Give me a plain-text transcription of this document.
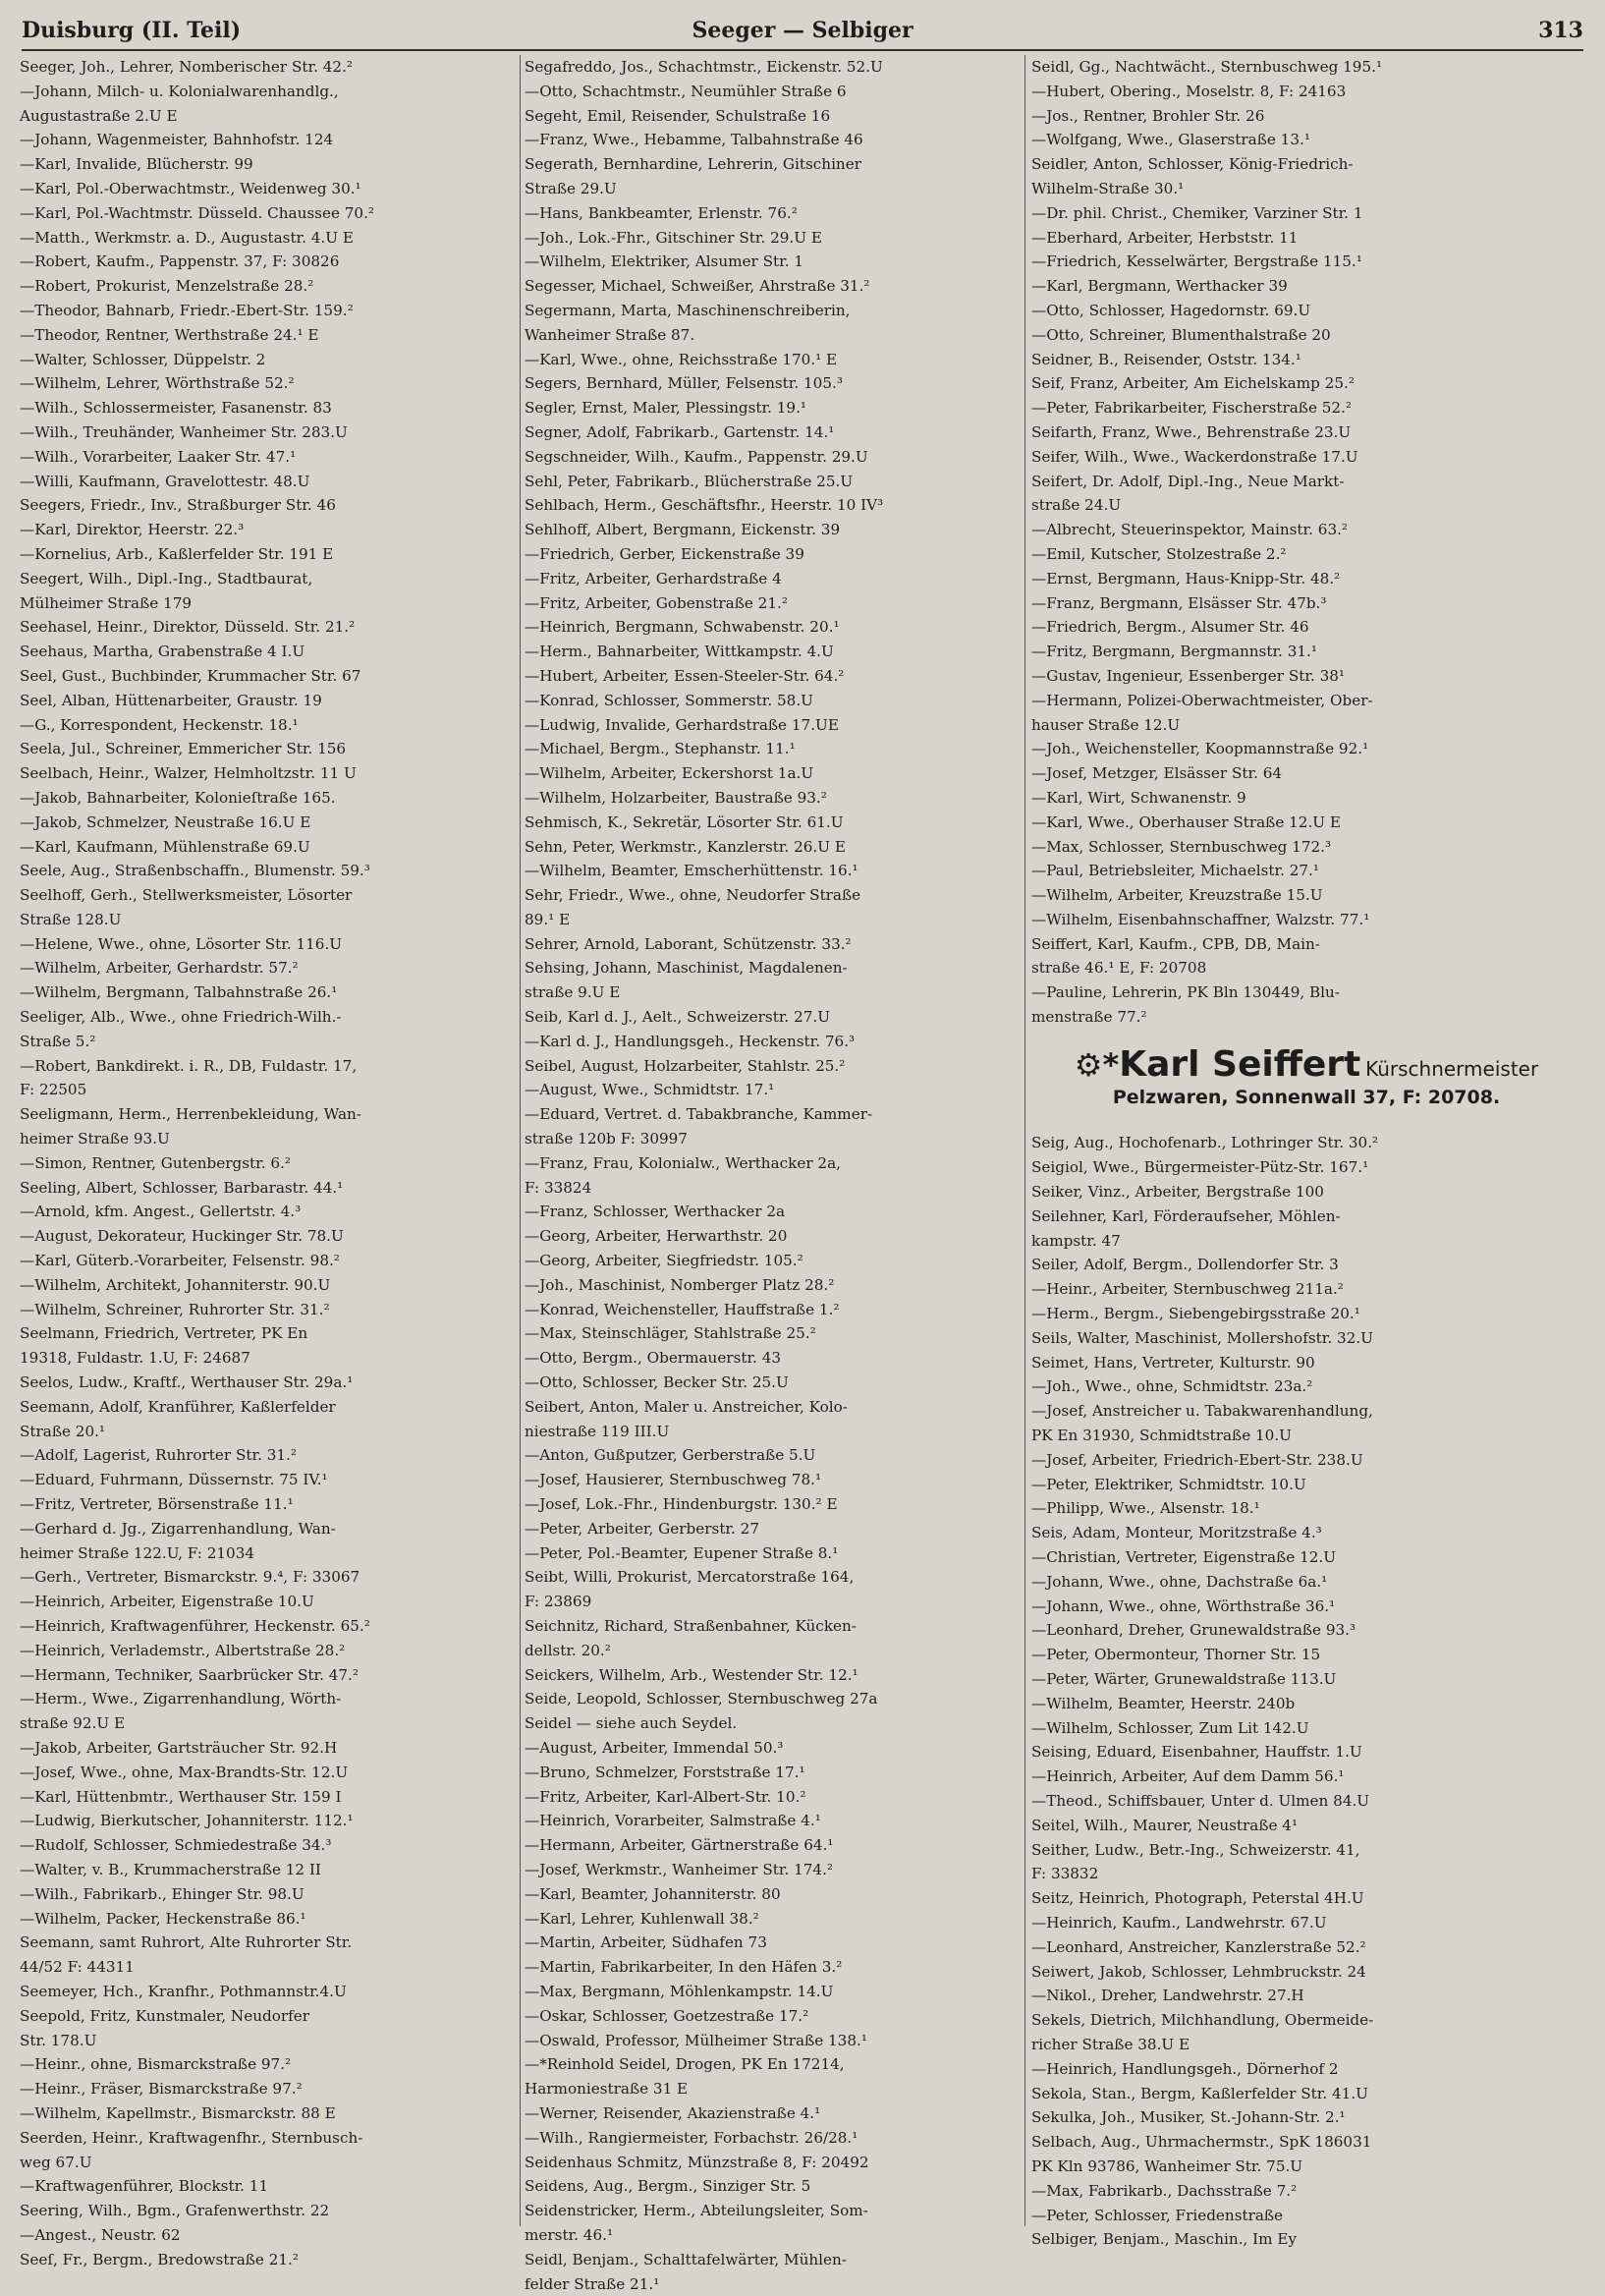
Duisburg (II. Teil)	Seeger — Selbiger	313
Seeger, Joh., Lehrer, Nomberischer Str. 42.²
—Johann, Milch- u. Kolonialwarenhandlg.,
Augustastraße 2.U E
—Johann, Wagenmeister, Bahnhofstr. 124
—Karl, Invalide, Blücherstr. 99
—Karl, Pol.-Oberwachtmstr., Weidenweg 30.¹
—Karl, Pol.-Wachtmstr. Düsseld. Chaussee 70.²
—Matth., Werkmstr. a. D., Augustastr. 4.U E
—Robert, Kaufm., Pappenstr. 37, F: 30826
—Robert, Prokurist, Menzelstraße 28.²
—Theodor, Bahnarb, Friedr.-Ebert-Str. 159.²
—Theodor, Rentner, Werthstraße 24.¹ E
—Walter, Schlosser, Düppelstr. 2
—Wilhelm, Lehrer, Wörthstraße 52.²
—Wilh., Schlossermeister, Fasanenstr. 83
—Wilh., Treuhänder, Wanheimer Str. 283.U
—Wilh., Vorarbeiter, Laaker Str. 47.¹
—Willi, Kaufmann, Gravelottestr. 48.U
Seegers, Friedr., Inv., Straßburger Str. 46
—Karl, Direktor, Heerstr. 22.³
—Kornelius, Arb., Kaßlerfelder Str. 191 E
Seegert, Wilh., Dipl.-Ing., Stadtbaurat,
Mülheimer Straße 179
Seehasel, Heinr., Direktor, Düsseld. Str. 21.²
Seehaus, Martha, Grabenstraße 4 I.U
Seel, Gust., Buchbinder, Krummacher Str. 67
Seel, Alban, Hüttenarbeiter, Graustr. 19
—G., Korrespondent, Heckenstr. 18.¹
Seela, Jul., Schreiner, Emmericher Str. 156
Seelbach, Heinr., Walzer, Helmholtzstr. 11 U
—Jakob, Bahnarbeiter, Kolonieſtraße 165.
—Jakob, Schmelzer, Neustraße 16.U E
—Karl, Kaufmann, Mühlenstraße 69.U
Seele, Aug., Straßenbschaffn., Blumenstr. 59.³
Seelhoff, Gerh., Stellwerksmeister, Lösorter
Straße 128.U
—Helene, Wwe., ohne, Lösorter Str. 116.U
—Wilhelm, Arbeiter, Gerhardstr. 57.²
—Wilhelm, Bergmann, Talbahnstraße 26.¹
Seeliger, Alb., Wwe., ohne Friedrich-Wilh.-
Straße 5.²
—Robert, Bankdirekt. i. R., DB, Fuldastr. 17,
F: 22505
Seeligmann, Herm., Herrenbekleidung, Wan-
heimer Straße 93.U
—Simon, Rentner, Gutenbergstr. 6.²
Seeling, Albert, Schlosser, Barbarastr. 44.¹
—Arnold, kfm. Angest., Gellertstr. 4.³
—August, Dekorateur, Huckinger Str. 78.U
—Karl, Güterb.-Vorarbeiter, Felsenstr. 98.²
—Wilhelm, Architekt, Johanniterstr. 90.U
—Wilhelm, Schreiner, Ruhrorter Str. 31.²
Seelmann, Friedrich, Vertreter, PK En
19318, Fuldastr. 1.U, F: 24687
Seelos, Ludw., Kraftf., Werthauser Str. 29a.¹
Seemann, Adolf, Kranführer, Kaßlerfelder
Straße 20.¹
—Adolf, Lagerist, Ruhrorter Str. 31.²
—Eduard, Fuhrmann, Düssernstr. 75 IV.¹
—Fritz, Vertreter, Börsenstraße 11.¹
—Gerhard d. Jg., Zigarrenhandlung, Wan-
heimer Straße 122.U, F: 21034
—Gerh., Vertreter, Bismarckstr. 9.⁴, F: 33067
—Heinrich, Arbeiter, Eigenstraße 10.U
—Heinrich, Kraftwagenführer, Heckenstr. 65.²
—Heinrich, Verlademstr., Albertstraße 28.²
—Hermann, Techniker, Saarbrücker Str. 47.²
—Herm., Wwe., Zigarrenhandlung, Wörth-
straße 92.U E
—Jakob, Arbeiter, Gartsträucher Str. 92.H
—Josef, Wwe., ohne, Max-Brandts-Str. 12.U
—Karl, Hüttenbmtr., Werthauser Str. 159 I
—Ludwig, Bierkutscher, Johanniterstr. 112.¹
—Rudolf, Schlosser, Schmiedestraße 34.³
—Walter, v. B., Krummacherstraße 12 II
—Wilh., Fabrikarb., Ehinger Str. 98.U
—Wilhelm, Packer, Heckenstraße 86.¹
Seemann, samt Ruhrort, Alte Ruhrorter Str.
44/52 F: 44311
Seemeyer, Hch., Kranfhr., Pothmannstr.4.U
Seepold, Fritz, Kunstmaler, Neudorfer
Str. 178.U
—Heinr., ohne, Bismarckstraße 97.²
—Heinr., Fräser, Bismarckstraße 97.²
—Wilhelm, Kapellmstr., Bismarckstr. 88 E
Seerden, Heinr., Kraftwagenfhr., Sternbusch-
weg 67.U
—Kraftwagenführer, Blockstr. 11
Seering, Wilh., Bgm., Grafenwerthstr. 22
—Angest., Neustr. 62
Seeſ, Fr., Bergm., Bredowstraße 21.²
Segafreddo, Jos., Schachtmstr., Eickenstr. 52.U
—Otto, Schachtmstr., Neumühler Straße 6
Segeht, Emil, Reisender, Schulstraße 16
—Franz, Wwe., Hebamme, Talbahnstraße 46
Segerath, Bernhardine, Lehrerin, Gitschiner
Straße 29.U
—Hans, Bankbeamter, Erlenstr. 76.²
—Joh., Lok.-Fhr., Gitschiner Str. 29.U E
—Wilhelm, Elektriker, Alsumer Str. 1
Segesser, Michael, Schweißer, Ahrstraße 31.²
Segermann, Marta, Maschinenschreiberin,
Wanheimer Straße 87.
—Karl, Wwe., ohne, Reichsstraße 170.¹ E
Segers, Bernhard, Müller, Felsenstr. 105.³
Segler, Ernst, Maler, Plessingstr. 19.¹
Segner, Adolf, Fabrikarb., Gartenstr. 14.¹
Segschneider, Wilh., Kaufm., Pappenstr. 29.U
Sehl, Peter, Fabrikarb., Blücherstraße 25.U
Sehlbach, Herm., Geschäftsfhr., Heerstr. 10 IV³
Sehlhoff, Albert, Bergmann, Eickenstr. 39
—Friedrich, Gerber, Eickenstraße 39
—Fritz, Arbeiter, Gerhardstraße 4
—Fritz, Arbeiter, Gobenstraße 21.²
—Heinrich, Bergmann, Schwabenstr. 20.¹
—Herm., Bahnarbeiter, Wittkampstr. 4.U
—Hubert, Arbeiter, Essen-Steeler-Str. 64.²
—Konrad, Schlosser, Sommerstr. 58.U
—Ludwig, Invalide, Gerhardstraße 17.UE
—Michael, Bergm., Stephanstr. 11.¹
—Wilhelm, Arbeiter, Eckershorst 1a.U
—Wilhelm, Holzarbeiter, Baustraße 93.²
Sehmisch, K., Sekretär, Lösorter Str. 61.U
Sehn, Peter, Werkmstr., Kanzlerstr. 26.U E
—Wilhelm, Beamter, Emscherhüttenstr. 16.¹
Sehr, Friedr., Wwe., ohne, Neudorfer Straße
89.¹ E
Sehrer, Arnold, Laborant, Schützenstr. 33.²
Sehsing, Johann, Maschinist, Magdalenen-
straße 9.U E
Seib, Karl d. J., Aelt., Schweizerstr. 27.U
—Karl d. J., Handlungsgeh., Heckenstr. 76.³
Seibel, August, Holzarbeiter, Stahlstr. 25.²
—August, Wwe., Schmidtstr. 17.¹
—Eduard, Vertret. d. Tabakbranche, Kammer-
straße 120b F: 30997
—Franz, Frau, Kolonialw., Werthacker 2a,
F: 33824
—Franz, Schlosser, Werthacker 2a
—Georg, Arbeiter, Herwarthstr. 20
—Georg, Arbeiter, Siegfriedstr. 105.²
—Joh., Maschinist, Nomberger Platz 28.²
—Konrad, Weichensteller, Hauffstraße 1.²
—Max, Steinschläger, Stahlstraße 25.²
—Otto, Bergm., Obermauerstr. 43
—Otto, Schlosser, Becker Str. 25.U
Seibert, Anton, Maler u. Anstreicher, Kolo-
niestraße 119 III.U
—Anton, Gußputzer, Gerberstraße 5.U
—Josef, Hausierer, Sternbuschweg 78.¹
—Josef, Lok.-Fhr., Hindenburgstr. 130.² E
—Peter, Arbeiter, Gerberstr. 27
—Peter, Pol.-Beamter, Eupener Straße 8.¹
Seibt, Willi, Prokurist, Mercatorstraße 164,
F: 23869
Seichnitz, Richard, Straßenbahner, Kücken-
dellstr. 20.²
Seickers, Wilhelm, Arb., Westender Str. 12.¹
Seide, Leopold, Schlosser, Sternbuschweg 27a
Seidel — siehe auch Seydel.
—August, Arbeiter, Immendal 50.³
—Bruno, Schmelzer, Forststraße 17.¹
—Fritz, Arbeiter, Karl-Albert-Str. 10.²
—Heinrich, Vorarbeiter, Salmstraße 4.¹
—Hermann, Arbeiter, Gärtnerstraße 64.¹
—Josef, Werkmstr., Wanheimer Str. 174.²
—Karl, Beamter, Johanniterstr. 80
—Karl, Lehrer, Kuhlenwall 38.²
—Martin, Arbeiter, Südhafen 73
—Martin, Fabrikarbeiter, In den Häfen 3.²
—Max, Bergmann, Möhlenkampstr. 14.U
—Oskar, Schlosser, Goetzestraße 17.²
—Oswald, Professor, Mülheimer Straße 138.¹
—*Reinhold Seidel, Drogen, PK En 17214,
Harmoniestraße 31 E
—Werner, Reisender, Akazienstraße 4.¹
—Wilh., Rangiermeister, Forbachstr. 26/28.¹
Seidenhaus Schmitz, Münzstraße 8, F: 20492
Seidens, Aug., Bergm., Sinziger Str. 5
Seidenstricker, Herm., Abteilungsleiter, Som-
merstr. 46.¹
Seidl, Benjam., Schalttafelwärter, Mühlen-
felder Straße 21.¹
Seidl, Gg., Nachtwächt., Sternbuschweg 195.¹
—Hubert, Obering., Moselstr. 8, F: 24163
—Jos., Rentner, Brohler Str. 26
—Wolfgang, Wwe., Glaserstraße 13.¹
Seidler, Anton, Schlosser, König-Friedrich-
Wilhelm-Straße 30.¹
—Dr. phil. Christ., Chemiker, Varziner Str. 1
—Eberhard, Arbeiter, Herbststr. 11
—Friedrich, Kesselwärter, Bergstraße 115.¹
—Karl, Bergmann, Werthacker 39
—Otto, Schlosser, Hagedornstr. 69.U
—Otto, Schreiner, Blumenthalstraße 20
Seidner, B., Reisender, Oststr. 134.¹
Seif, Franz, Arbeiter, Am Eichelskamp 25.²
—Peter, Fabrikarbeiter, Fischerstraße 52.²
Seifarth, Franz, Wwe., Behrenstraße 23.U
Seifer, Wilh., Wwe., Wackerdonstraße 17.U
Seifert, Dr. Adolf, Dipl.-Ing., Neue Markt-
straße 24.U
—Albrecht, Steuerinspektor, Mainstr. 63.²
—Emil, Kutscher, Stolzestraße 2.²
—Ernst, Bergmann, Haus-Knipp-Str. 48.²
—Franz, Bergmann, Elsässer Str. 47b.³
—Friedrich, Bergm., Alsumer Str. 46
—Fritz, Bergmann, Bergmannstr. 31.¹
—Gustav, Ingenieur, Essenberger Str. 38¹
—Hermann, Polizei-Oberwachtmeister, Ober-
hauser Straße 12.U
—Joh., Weichensteller, Koopmannstraße 92.¹
—Josef, Metzger, Elsässer Str. 64
—Karl, Wirt, Schwanenstr. 9
—Karl, Wwe., Oberhauser Straße 12.U E
—Max, Schlosser, Sternbuschweg 172.³
—Paul, Betriebsleiter, Michaelstr. 27.¹
—Wilhelm, Arbeiter, Kreuzstraße 15.U
—Wilhelm, Eisenbahnschaffner, Walzstr. 77.¹
Seiffert, Karl, Kaufm., CPB, DB, Main-
straße 46.¹ E, F: 20708
—Pauline, Lehrerin, PK Bln 130449, Blu-
menstraße 77.²
⚙*Karl Seiffert Kürschnermeister
Pelzwaren, Sonnenwall 37, F: 20708.
Seig, Aug., Hochofenarb., Lothringer Str. 30.²
Seigiol, Wwe., Bürgermeister-Pütz-Str. 167.¹
Seiker, Vinz., Arbeiter, Bergstraße 100
Seilehner, Karl, Förderaufseher, Möhlen-
kampstr. 47
Seiler, Adolf, Bergm., Dollendorfer Str. 3
—Heinr., Arbeiter, Sternbuschweg 211a.²
—Herm., Bergm., Siebengebirgsstraße 20.¹
Seils, Walter, Maschinist, Mollershofstr. 32.U
Seimet, Hans, Vertreter, Kulturstr. 90
—Joh., Wwe., ohne, Schmidtstr. 23a.²
—Josef, Anstreicher u. Tabakwarenhandlung,
PK En 31930, Schmidtstraße 10.U
—Josef, Arbeiter, Friedrich-Ebert-Str. 238.U
—Peter, Elektriker, Schmidtstr. 10.U
—Philipp, Wwe., Alsenstr. 18.¹
Seis, Adam, Monteur, Moritzstraße 4.³
—Christian, Vertreter, Eigenstraße 12.U
—Johann, Wwe., ohne, Dachstraße 6a.¹
—Johann, Wwe., ohne, Wörthstraße 36.¹
—Leonhard, Dreher, Grunewaldstraße 93.³
—Peter, Obermonteur, Thorner Str. 15
—Peter, Wärter, Grunewaldstraße 113.U
—Wilhelm, Beamter, Heerstr. 240b
—Wilhelm, Schlosser, Zum Lit 142.U
Seising, Eduard, Eisenbahner, Hauffstr. 1.U
—Heinrich, Arbeiter, Auf dem Damm 56.¹
—Theod., Schiffsbauer, Unter d. Ulmen 84.U
Seitel, Wilh., Maurer, Neustraße 4¹
Seither, Ludw., Betr.-Ing., Schweizerstr. 41,
F: 33832
Seitz, Heinrich, Photograph, Peterstal 4H.U
—Heinrich, Kaufm., Landwehrstr. 67.U
—Leonhard, Anstreicher, Kanzlerstraße 52.²
Seiwert, Jakob, Schlosser, Lehmbruckstr. 24
—Nikol., Dreher, Landwehrstr. 27.H
Sekels, Dietrich, Milchhandlung, Obermeide-
richer Straße 38.U E
—Heinrich, Handlungsgeh., Dörnerhof 2
Sekola, Stan., Bergm, Kaßlerfelder Str. 41.U
Sekulka, Joh., Musiker, St.-Johann-Str. 2.¹
Selbach, Aug., Uhrmachermstr., SpK 186031
PK Kln 93786, Wanheimer Str. 75.U
—Max, Fabrikarb., Dachsstraße 7.²
—Peter, Schlosser, Friedenstraße
Selbiger, Benjam., Maschin., Im Ey
